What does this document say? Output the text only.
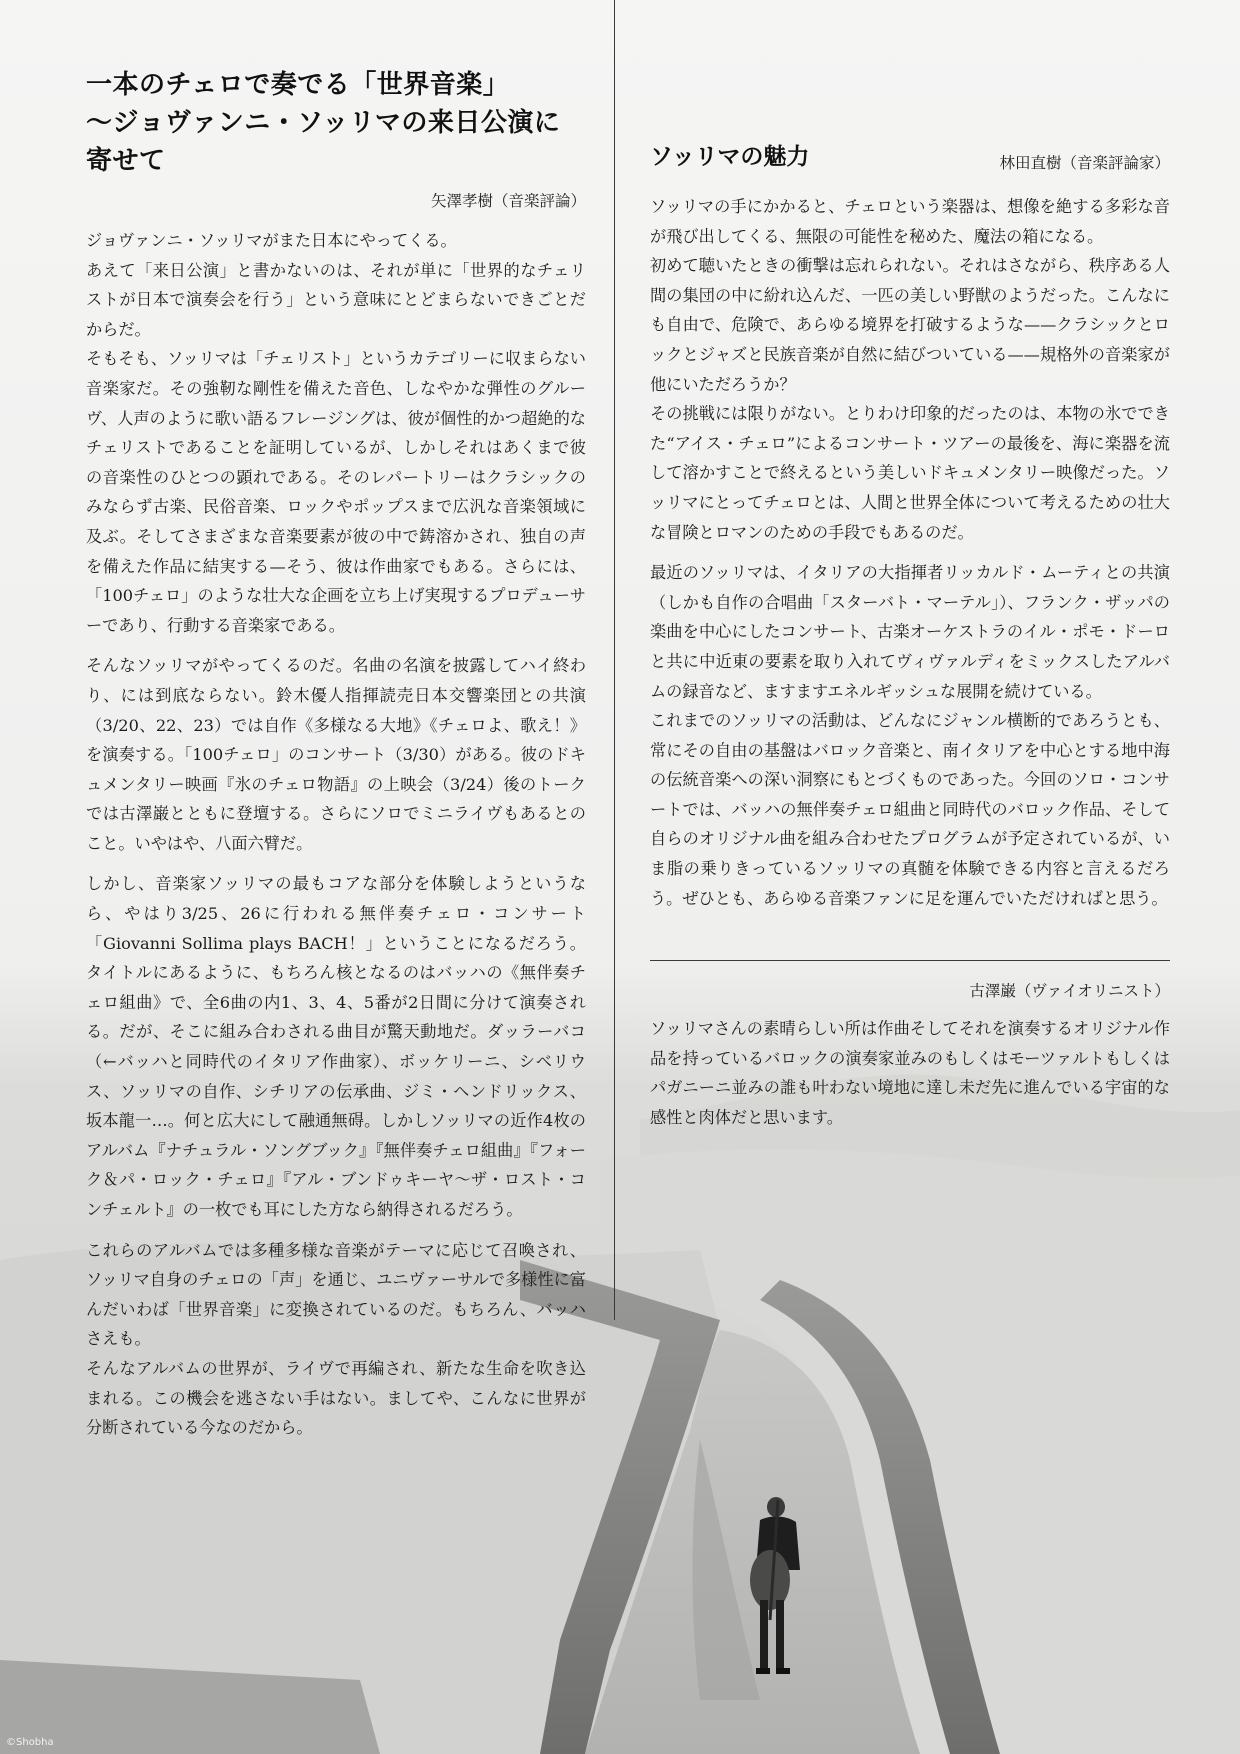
一本のチェロで奏でる「世界音楽」
〜ジョヴァンニ・ソッリマの来日公演に寄せて
矢澤孝樹（音楽評論）

ジョヴァンニ・ソッリマがまた日本にやってくる。
あえて「来日公演」と書かないのは、それが単に「世界的なチェリストが日本で演奏会を行う」という意味にとどまらないできごとだからだ。
そもそも、ソッリマは「チェリスト」というカテゴリーに収まらない音楽家だ。その強靭な剛性を備えた音色、しなやかな弾性のグルーヴ、人声のように歌い語るフレージングは、彼が個性的かつ超絶的なチェリストであることを証明しているが、しかしそれはあくまで彼の音楽性のひとつの顕れである。そのレパートリーはクラシックのみならず古楽、民俗音楽、ロックやポップスまで広汎な音楽領域に及ぶ。そしてさまざまな音楽要素が彼の中で鋳溶かされ、独自の声を備えた作品に結実する—そう、彼は作曲家でもある。さらには、「100チェロ」のような壮大な企画を立ち上げ実現するプロデューサーであり、行動する音楽家である。

そんなソッリマがやってくるのだ。名曲の名演を披露してハイ終わり、には到底ならない。鈴木優人指揮読売日本交響楽団との共演（3/20、22、23）では自作《多様なる大地》《チェロよ、歌え！》を演奏する。「100チェロ」のコンサート（3/30）がある。彼のドキュメンタリー映画『氷のチェロ物語』の上映会（3/24）後のトークでは古澤巌とともに登壇する。さらにソロでミニライヴもあるとのこと。いやはや、八面六臂だ。

しかし、音楽家ソッリマの最もコアな部分を体験しようというなら、やはり3/25、26に行われる無伴奏チェロ・コンサート「Giovanni Sollima plays BACH！」ということになるだろう。タイトルにあるように、もちろん核となるのはバッハの《無伴奏チェロ組曲》で、全6曲の内1、3、4、5番が2日間に分けて演奏される。だが、そこに組み合わされる曲目が驚天動地だ。ダッラーバコ（←バッハと同時代のイタリア作曲家）、ボッケリーニ、シベリウス、ソッリマの自作、シチリアの伝承曲、ジミ・ヘンドリックス、坂本龍一…。何と広大にして融通無碍。しかしソッリマの近作4枚のアルバム『ナチュラル・ソングブック』『無伴奏チェロ組曲』『フォーク＆パ・ロック・チェロ』『アル・ブンドゥキーヤ〜ザ・ロスト・コンチェルト』の一枚でも耳にした方なら納得されるだろう。

これらのアルバムでは多種多様な音楽がテーマに応じて召喚され、ソッリマ自身のチェロの「声」を通じ、ユニヴァーサルで多様性に富んだいわば「世界音楽」に変換されているのだ。もちろん、バッハさえも。
そんなアルバムの世界が、ライヴで再編され、新たな生命を吹き込まれる。この機会を逃さない手はない。ましてや、こんなに世界が分断されている今なのだから。

ソッリマの魅力	林田直樹（音楽評論家）

ソッリマの手にかかると、チェロという楽器は、想像を絶する多彩な音が飛び出してくる、無限の可能性を秘めた、魔法の箱になる。
初めて聴いたときの衝撃は忘れられない。それはさながら、秩序ある人間の集団の中に紛れ込んだ、一匹の美しい野獣のようだった。こんなにも自由で、危険で、あらゆる境界を打破するような——クラシックとロックとジャズと民族音楽が自然に結びついている——規格外の音楽家が他にいただろうか？
その挑戦には限りがない。とりわけ印象的だったのは、本物の氷でできた“アイス・チェロ”によるコンサート・ツアーの最後を、海に楽器を流して溶かすことで終えるという美しいドキュメンタリー映像だった。ソッリマにとってチェロとは、人間と世界全体について考えるための壮大な冒険とロマンのための手段でもあるのだ。

最近のソッリマは、イタリアの大指揮者リッカルド・ムーティとの共演（しかも自作の合唱曲「スターバト・マーテル」）、フランク・ザッパの楽曲を中心にしたコンサート、古楽オーケストラのイル・ポモ・ドーロと共に中近東の要素を取り入れてヴィヴァルディをミックスしたアルバムの録音など、ますますエネルギッシュな展開を続けている。
これまでのソッリマの活動は、どんなにジャンル横断的であろうとも、常にその自由の基盤はバロック音楽と、南イタリアを中心とする地中海の伝統音楽への深い洞察にもとづくものであった。今回のソロ・コンサートでは、バッハの無伴奏チェロ組曲と同時代のバロック作品、そして自らのオリジナル曲を組み合わせたプログラムが予定されているが、いま脂の乗りきっているソッリマの真髄を体験できる内容と言えるだろう。ぜひとも、あらゆる音楽ファンに足を運んでいただければと思う。

古澤巌（ヴァイオリニスト）

ソッリマさんの素晴らしい所は作曲そしてそれを演奏するオリジナル作品を持っているバロックの演奏家並みのもしくはモーツァルトもしくはパガニーニ並みの誰も叶わない境地に達し未だ先に進んでいる宇宙的な感性と肉体だと思います。

©Shobha
